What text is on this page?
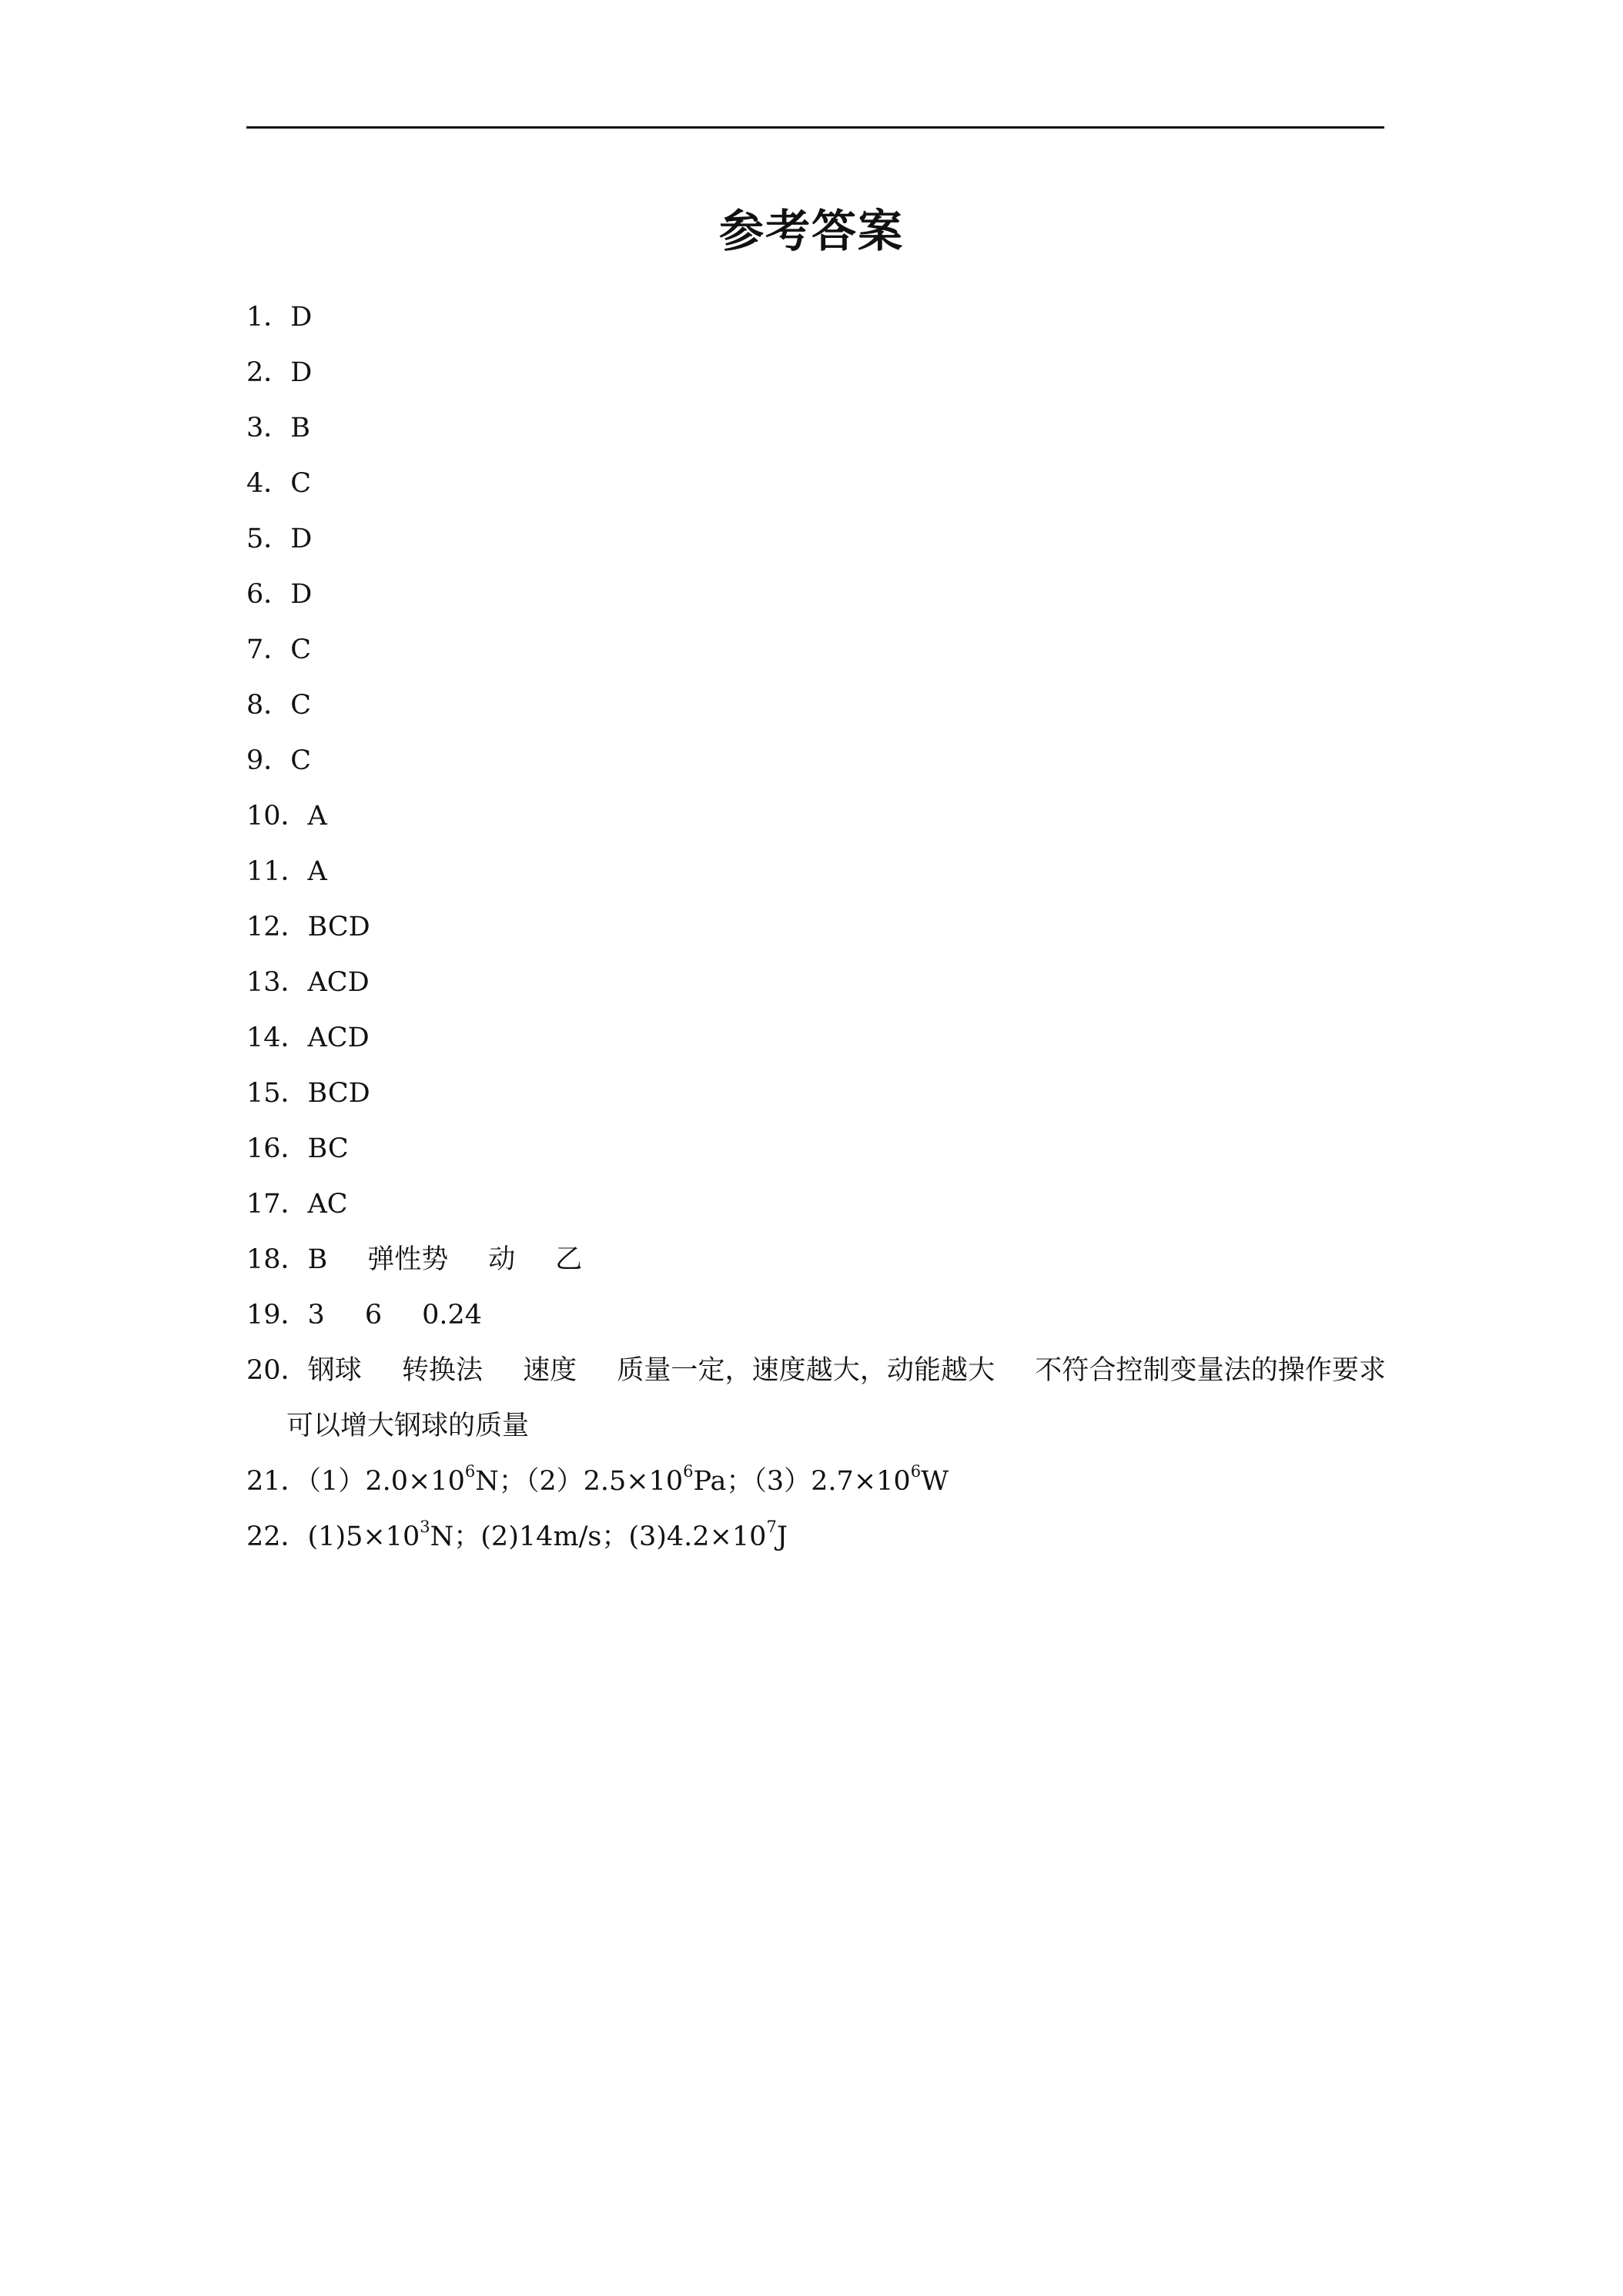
参考答案
1．D
2．D
3．B
4．C
5．D
6．D
7．C
8．C
9．C
10．A
11．A
12．BCD
13．ACD
14．ACD
15．BCD
16．BC
17．AC
18．B 弹性势 动 乙
19．3 6 0.24
20．钢球 转换法 速度 质量一定，速度越大，动能越大 不符合控制变量法的操作要求可以增大钢球的质量
21．$(1)2.0\times 10^6N$；$(2)2.5\times 10^6Pa$；$(3)2.7\times 10^6W$
22．$(1)5\times 10^3N$；(2)14m/s；$(3)4.2\times 10^7J$
